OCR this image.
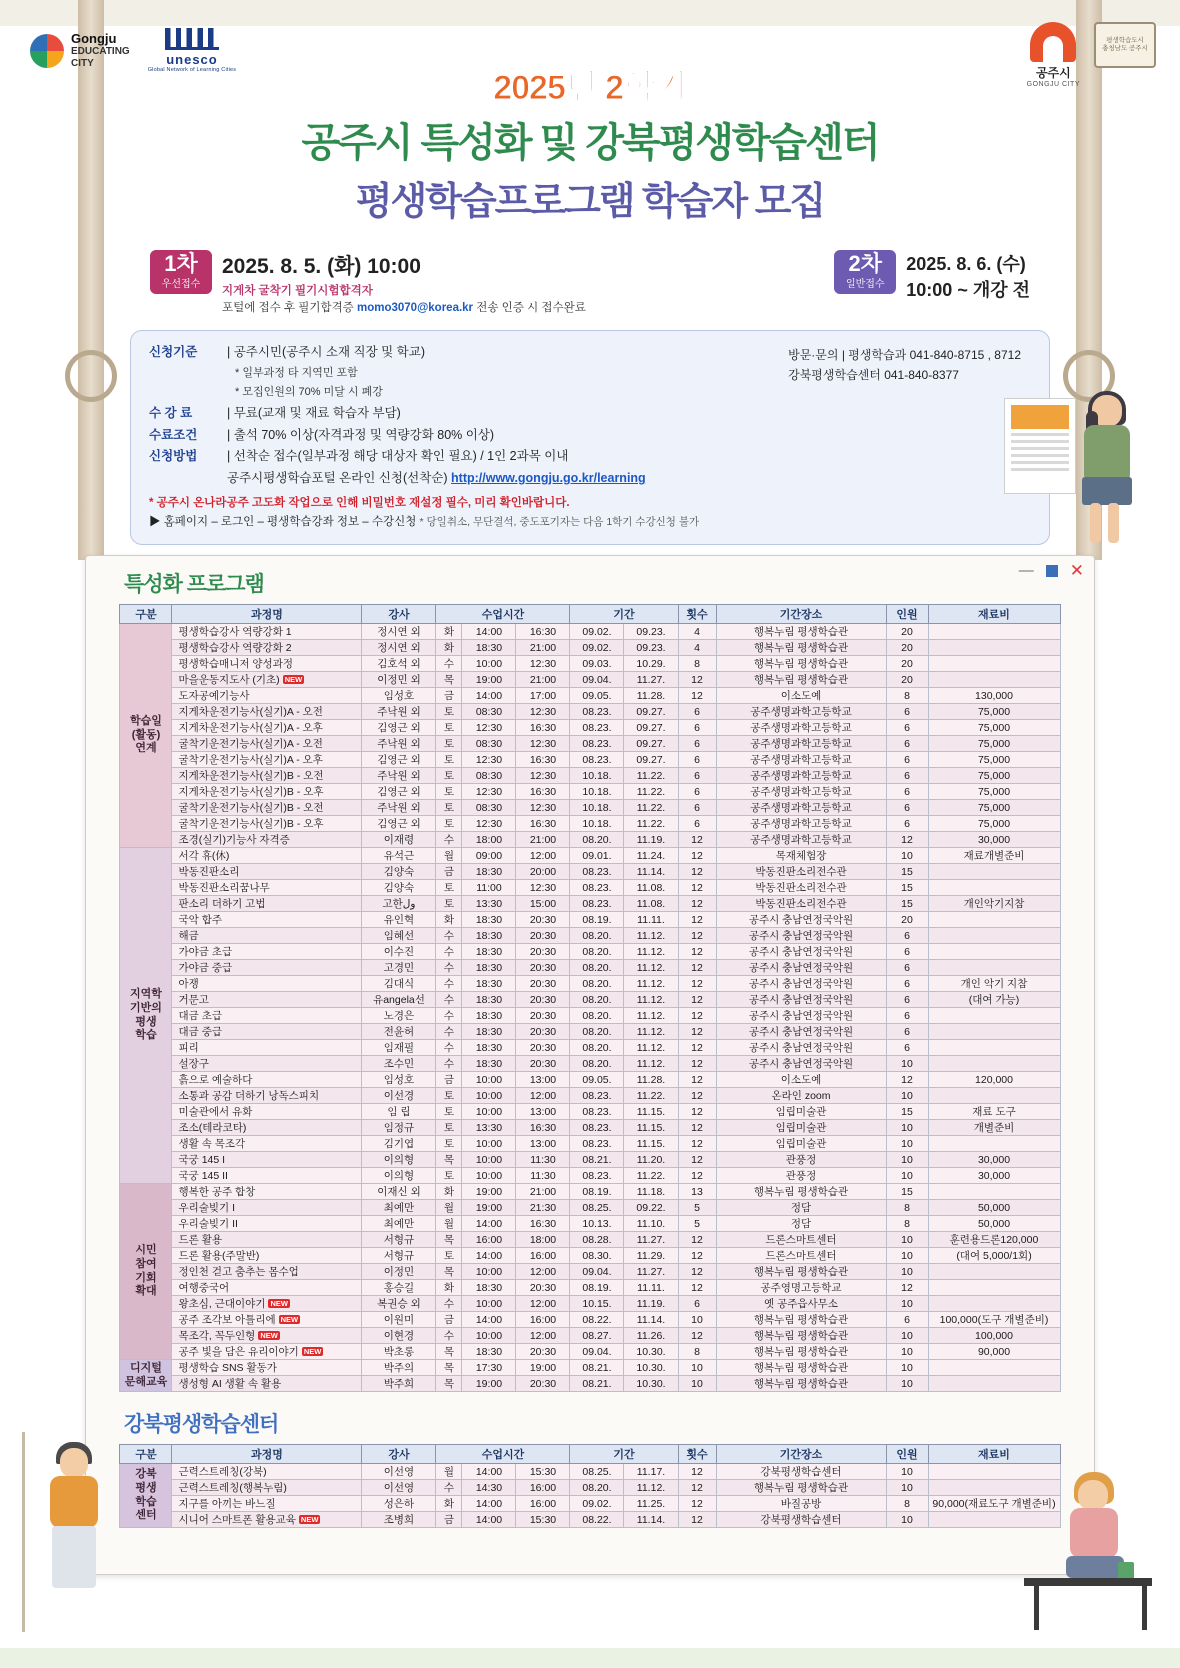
Gongju
EDUCATING
CITY	unesco
Global Network of Learning Cities	공주시
GONGJU CITY
평생학습도시
충청남도 공주시
2025년 2학기
공주시 특성화 및 강북평생학습센터
평생학습프로그램 학습자 모집
1차
우선접수
2025. 8. 5. (화) 10:00
지게차 굴착기 필기시험합격자
포털에 접수 후 필기합격증 momo3070@korea.kr 전송 인증 시 접수완료
2차
일반접수
2025. 8. 6. (수)
10:00 ~ 개강 전
방문·문의 | 평생학습과 041-840-8715 , 8712
강북평생학습센터 041-840-8377
신청기준	| 공주시민(공주시 소재 직장 및 학교)
* 일부과정 타 지역민 포함
* 모집인원의 70% 미달 시 폐강
수 강 료	| 무료(교재 및 재료 학습자 부담)
수료조건	| 출석 70% 이상(자격과정 및 역량강화 80% 이상)
신청방법	| 선착순 접수(일부과정 해당 대상자 확인 필요) / 1인 2과목 이내
공주시평생학습포털 온라인 신청(선착순) http://www.gongju.go.kr/learning
* 공주시 온나라공주 고도화 작업으로 인해 비밀번호 재설정 필수, 미리 확인바랍니다.
▶ 홈페이지 – 로그인 – 평생학습강좌 정보 – 수강신청 * 당일취소, 무단결석, 중도포기자는 다음 1학기 수강신청 불가
— ✕
특성화 프로그램
구분	과정명	강사	수업시간			기간		횟수	기간장소	인원	재료비
학습일
(활동)
연계	평생학습강사 역량강화 1	정시연 외	화	14:00	16:30	09.02.	09.23.	4	행복누림 평생학습관	20	
	평생학습강사 역량강화 2	정시연 외	화	18:30	21:00	09.02.	09.23.	4	행복누림 평생학습관	20	
	평생학습매니저 양성과정	김호석 외	수	10:00	12:30	09.03.	10.29.	8	행복누림 평생학습관	20	
	마을운동지도사 (기초) NEW	이정민 외	목	19:00	21:00	09.04.	11.27.	12	행복누림 평생학습관	20	
	도자공예기능사	임성호	금	14:00	17:00	09.05.	11.28.	12	이소도예	8	130,000
	지게차운전기능사(실기)A - 오전	주낙원 외	토	08:30	12:30	08.23.	09.27.	6	공주생명과학고등학교	6	75,000
	지게차운전기능사(실기)A - 오후	김영근 외	토	12:30	16:30	08.23.	09.27.	6	공주생명과학고등학교	6	75,000
	굴착기운전기능사(실기)A - 오전	주낙원 외	토	08:30	12:30	08.23.	09.27.	6	공주생명과학고등학교	6	75,000
	굴착기운전기능사(실기)A - 오후	김영근 외	토	12:30	16:30	08.23.	09.27.	6	공주생명과학고등학교	6	75,000
	지게차운전기능사(실기)B - 오전	주낙원 외	토	08:30	12:30	10.18.	11.22.	6	공주생명과학고등학교	6	75,000
	지게차운전기능사(실기)B - 오후	김영근 외	토	12:30	16:30	10.18.	11.22.	6	공주생명과학고등학교	6	75,000
	굴착기운전기능사(실기)B - 오전	주낙원 외	토	08:30	12:30	10.18.	11.22.	6	공주생명과학고등학교	6	75,000
	굴착기운전기능사(실기)B - 오후	김영근 외	토	12:30	16:30	10.18.	11.22.	6	공주생명과학고등학교	6	75,000
	조경(실기)기능사 자격증	이재령	수	18:00	21:00	08.20.	11.19.	12	공주생명과학고등학교	12	30,000
지역학
기반의
평생
학습	서각 휴(休)	유석근	월	09:00	12:00	09.01.	11.24.	12	목재체험장	10	재료개별준비
	박동진판소리	김양숙	금	18:30	20:00	08.23.	11.14.	12	박동진판소리전수관	15	
	박동진판소리꿈나무	김양숙	토	11:00	12:30	08.23.	11.08.	12	박동진판소리전수관	15	
	판소리 더하기 고법	고한ول	토	13:30	15:00	08.23.	11.08.	12	박동진판소리전수관	15	개인악기지참
	국악 합주	유인혁	화	18:30	20:30	08.19.	11.11.	12	공주시 충남연정국악원	20	
	해금	임혜선	수	18:30	20:30	08.20.	11.12.	12	공주시 충남연정국악원	6	
	가야금 초급	이수진	수	18:30	20:30	08.20.	11.12.	12	공주시 충남연정국악원	6	
	가야금 중급	고경민	수	18:30	20:30	08.20.	11.12.	12	공주시 충남연정국악원	6	
	아쟁	김대식	수	18:30	20:30	08.20.	11.12.	12	공주시 충남연정국악원	6	개인 악기 지참
	거문고	유angela선	수	18:30	20:30	08.20.	11.12.	12	공주시 충남연정국악원	6	(대여 가능)
	대금 초급	노경은	수	18:30	20:30	08.20.	11.12.	12	공주시 충남연정국악원	6	
	대금 중급	전윤허	수	18:30	20:30	08.20.	11.12.	12	공주시 충남연정국악원	6	
	피리	임재필	수	18:30	20:30	08.20.	11.12.	12	공주시 충남연정국악원	6	
	설장구	조수민	수	18:30	20:30	08.20.	11.12.	12	공주시 충남연정국악원	10	
	흙으로 예술하다	임성호	금	10:00	13:00	09.05.	11.28.	12	이소도예	12	120,000
	소통과 공감 더하기 낭독스피치	이선경	토	10:00	12:00	08.23.	11.22.	12	온라인 zoom	10	
	미술관에서 유화	임 립	토	10:00	13:00	08.23.	11.15.	12	임립미술관	15	재료 도구
	조소(테라코타)	임정규	토	13:30	16:30	08.23.	11.15.	12	임립미술관	10	개별준비
	생활 속 목조각	김기엽	토	10:00	13:00	08.23.	11.15.	12	임립미술관	10	
	국궁 145 I	이의형	목	10:00	11:30	08.21.	11.20.	12	관풍정	10	30,000
	국궁 145 II	이의형	토	10:00	11:30	08.23.	11.22.	12	관풍정	10	30,000
시민
참여
기회
확대	행복한 공주 합창	이재신 외	화	19:00	21:00	08.19.	11.18.	13	행복누림 평생학습관	15	
	우리술빚기 I	최예만	월	19:00	21:30	08.25.	09.22.	5	정담	8	50,000
	우리술빚기 II	최예만	월	14:00	16:30	10.13.	11.10.	5	정담	8	50,000
	드론 활용	서형규	목	16:00	18:00	08.28.	11.27.	12	드론스마트센터	10	훈련용드론120,000
	드론 활용(주말반)	서형규	토	14:00	16:00	08.30.	11.29.	12	드론스마트센터	10	(대여 5,000/1회)
	정인천 걷고 춤추는 몸수업	이정민	목	10:00	12:00	09.04.	11.27.	12	행복누림 평생학습관	10	
	여행중국어	홍승길	화	18:30	20:30	08.19.	11.11.	12	공주영명고등학교	12	
	왕초심, 근대이야기 NEW	복권승 외	수	10:00	12:00	10.15.	11.19.	6	옛 공주읍사무소	10	
	공주 조각보 아틀리에 NEW	이원미	금	14:00	16:00	08.22.	11.14.	10	행복누림 평생학습관	6	100,000(도구 개별준비)
	목조각, 꼭두인형 NEW	이현경	수	10:00	12:00	08.27.	11.26.	12	행복누림 평생학습관	10	100,000
	공주 빛을 담은 유리이야기 NEW	박초롱	목	18:30	20:30	09.04.	10.30.	8	행복누림 평생학습관	10	90,000
디지털
문해교육	평생학습 SNS 활동가	박주의	목	17:30	19:00	08.21.	10.30.	10	행복누림 평생학습관	10	
	생성형 AI 생활 속 활용	박주희	목	19:00	20:30	08.21.	10.30.	10	행복누림 평생학습관	10	
강북평생학습센터
구분	과정명	강사	수업시간			기간		횟수	기간장소	인원	재료비
강북
평생
학습
센터	근력스트레칭(강북)	이선영	월	14:00	15:30	08.25.	11.17.	12	강북평생학습센터	10	
	근력스트레칭(행복누림)	이선영	수	14:30	16:00	08.20.	11.12.	12	행복누림 평생학습관	10	
	지구를 아끼는 바느질	성은하	화	14:00	16:00	09.02.	11.25.	12	바질공방	8	90,000(재료도구 개별준비)
	시니어 스마트폰 활용교육 NEW	조병희	금	14:00	15:30	08.22.	11.14.	12	강북평생학습센터	10	
